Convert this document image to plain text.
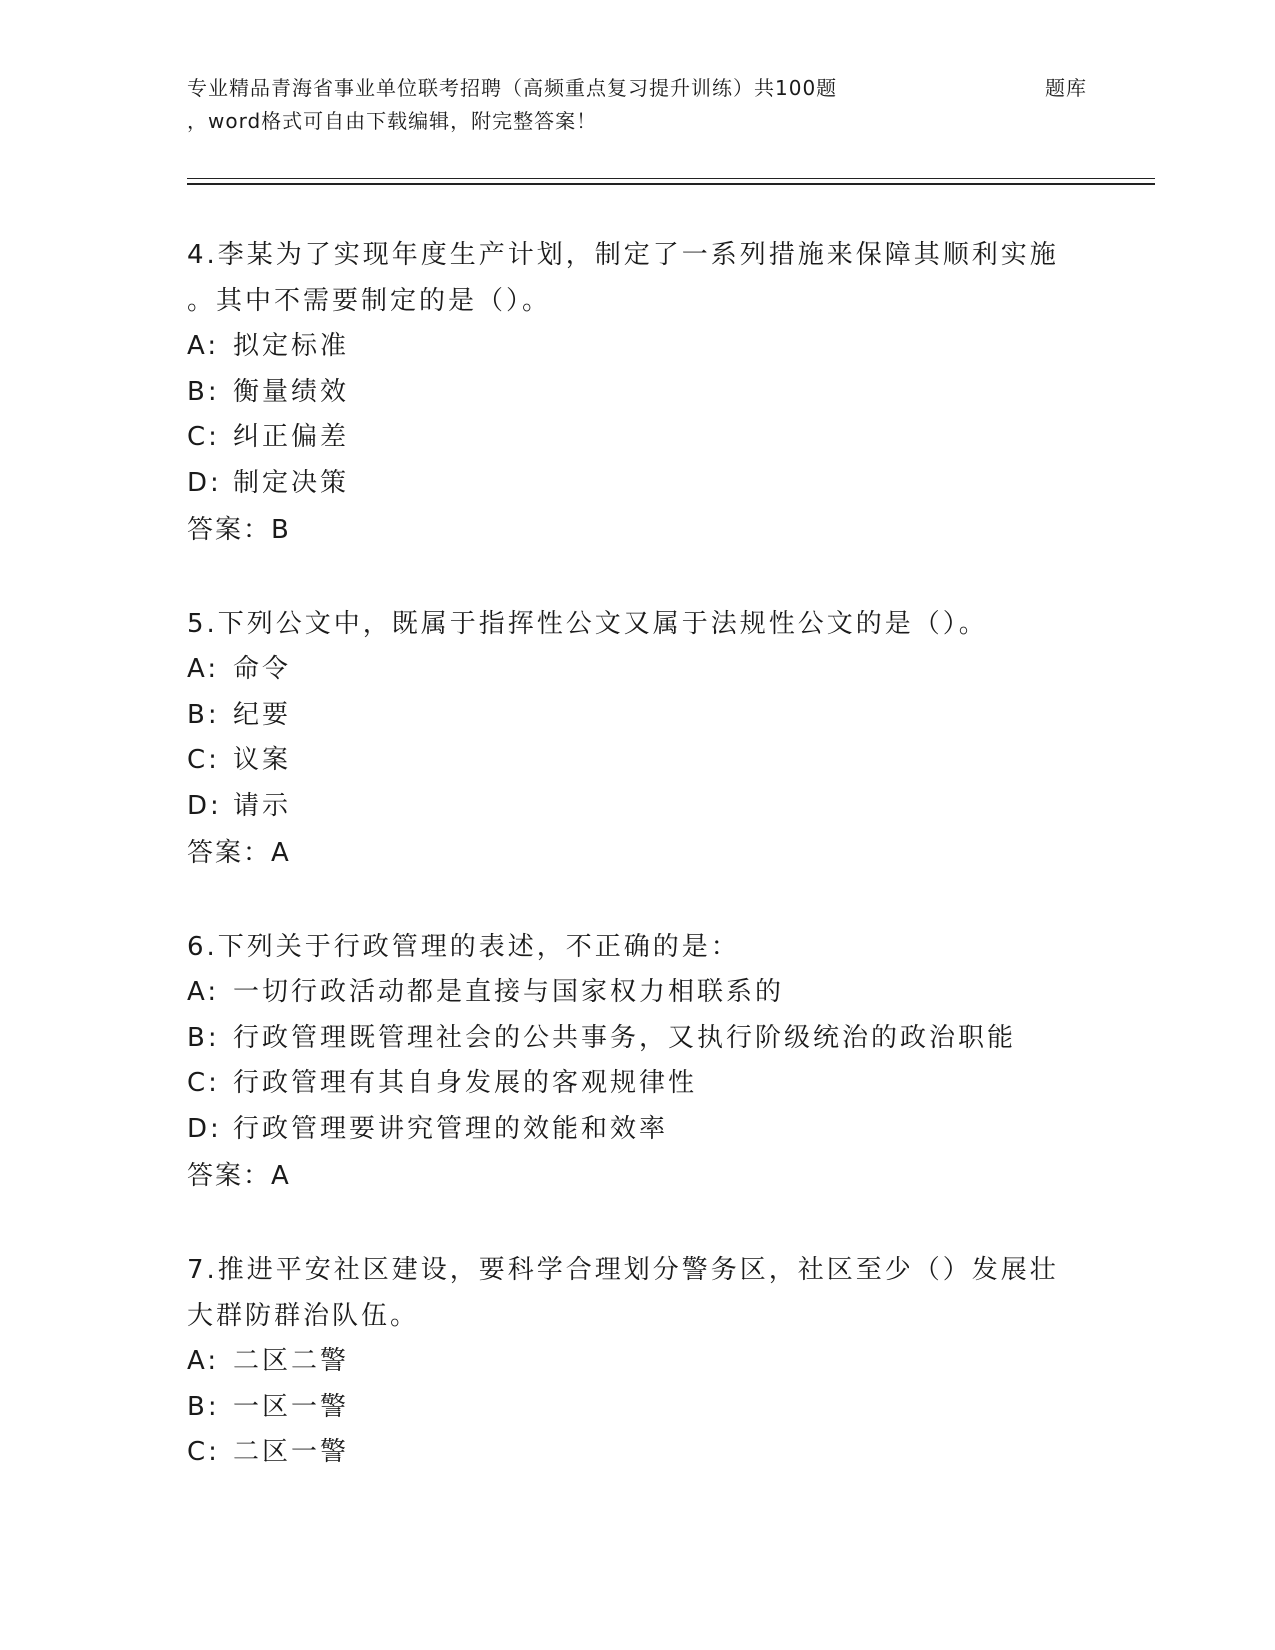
专业精品青海省事业单位联考招聘（高频重点复习提升训练）共100题	题库
，word格式可自由下载编辑，附完整答案！
4.李某为了实现年度生产计划，制定了一系列措施来保障其顺利实施
。其中不需要制定的是（）。
A: 拟定标准
B: 衡量绩效
C: 纠正偏差
D: 制定决策
答案：B
5.下列公文中，既属于指挥性公文又属于法规性公文的是（）。
A: 命令
B: 纪要
C: 议案
D: 请示
答案：A
6.下列关于行政管理的表述，不正确的是：
A: 一切行政活动都是直接与国家权力相联系的
B: 行政管理既管理社会的公共事务，又执行阶级统治的政治职能
C: 行政管理有其自身发展的客观规律性
D: 行政管理要讲究管理的效能和效率
答案：A
7.推进平安社区建设，要科学合理划分警务区，社区至少（）发展壮
大群防群治队伍。
A: 二区二警
B: 一区一警
C: 二区一警
